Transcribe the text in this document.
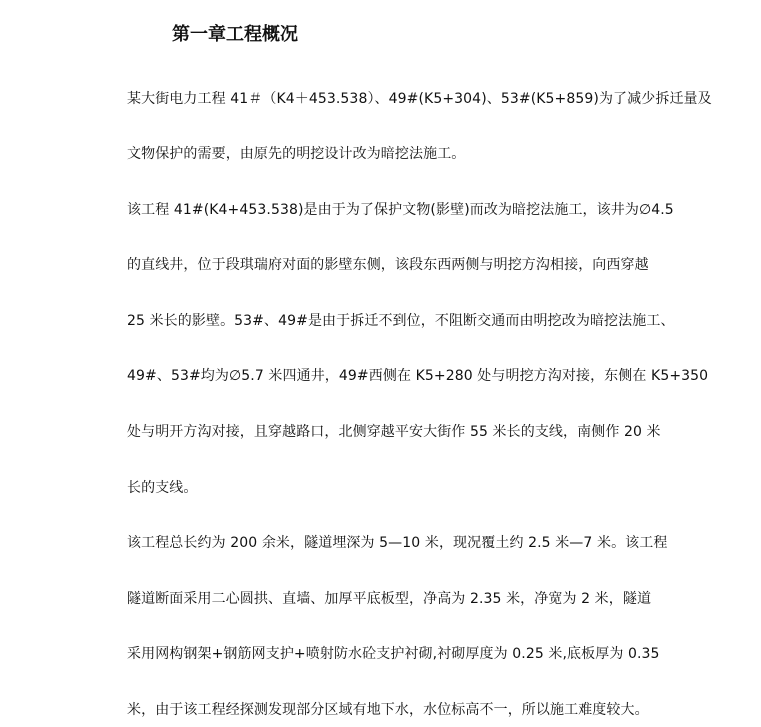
第一章工程概况
某大街电力工程 41＃（K4＋453.538）、49#(K5+304)、53#(K5+859)为了减少拆迁量及
文物保护的需要，由原先的明挖设计改为暗挖法施工。
该工程 41#(K4+453.538)是由于为了保护文物(影壁)而改为暗挖法施工，该井为∅4.5
的直线井，位于段琪瑞府对面的影壁东侧，该段东西两侧与明挖方沟相接，向西穿越
25 米长的影壁。53#、49#是由于拆迁不到位，不阻断交通而由明挖改为暗挖法施工、
49#、53#均为∅5.7 米四通井，49#西侧在 K5+280 处与明挖方沟对接，东侧在 K5+350
处与明开方沟对接，且穿越路口，北侧穿越平安大街作 55 米长的支线，南侧作 20 米
长的支线。
该工程总长约为 200 余米，隧道埋深为 5—10 米，现况覆土约 2.5 米—7 米。该工程
隧道断面采用二心圆拱、直墙、加厚平底板型，净高为 2.35 米，净宽为 2 米，隧道
采用网构钢架+钢筋网支护+喷射防水砼支护衬砌,衬砌厚度为 0.25 米,底板厚为 0.35
米，由于该工程经探测发现部分区域有地下水，水位标高不一，所以施工难度较大。
